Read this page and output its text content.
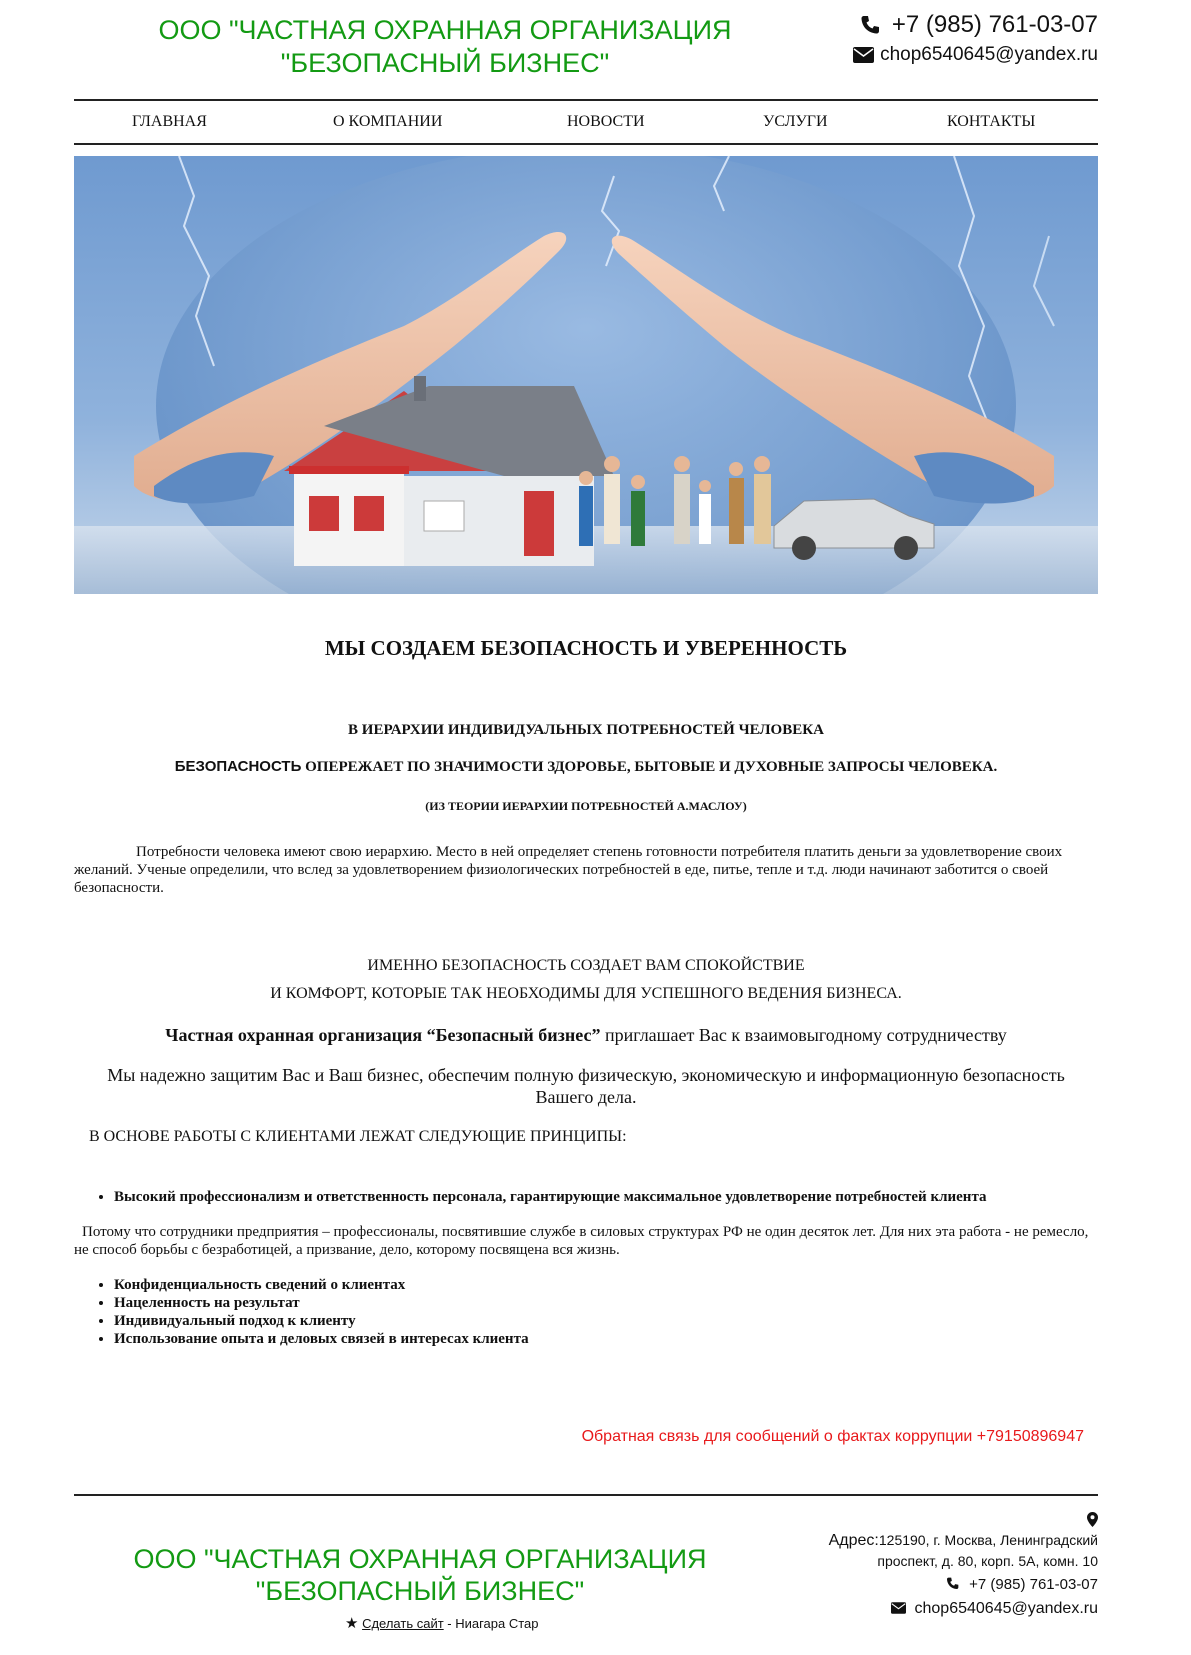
ООО "ЧАСТНАЯ ОХРАННАЯ ОРГАНИЗАЦИЯ
"БЕЗОПАСНЫЙ БИЗНЕС"
+7 (985) 761-03-07
chop6540645@yandex.ru
ГЛАВНАЯ	О КОМПАНИИ	НОВОСТИ	УСЛУГИ	КОНТАКТЫ
МЫ СОЗДАЕМ БЕЗОПАСНОСТЬ И УВЕРЕННОСТЬ
В ИЕРАРХИИ ИНДИВИДУАЛЬНЫХ ПОТРЕБНОСТЕЙ ЧЕЛОВЕКА
БЕЗОПАСНОСТЬ ОПЕРЕЖАЕТ ПО ЗНАЧИМОСТИ ЗДОРОВЬЕ, БЫТОВЫЕ И ДУХОВНЫЕ ЗАПРОСЫ ЧЕЛОВЕКА.
(ИЗ ТЕОРИИ ИЕРАРХИИ ПОТРЕБНОСТЕЙ А.МАСЛОУ)
Потребности человека имеют свою иерархию. Место в ней определяет степень готовности потребителя платить деньги за удовлетворение своих желаний. Ученые определили, что вслед за удовлетворением физиологических потребностей в еде, питье, тепле и т.д. люди начинают заботится о своей безопасности.
ИМЕННО БЕЗОПАСНОСТЬ СОЗДАЕТ ВАМ СПОКОЙСТВИЕ
И КОМФОРТ, КОТОРЫЕ ТАК НЕОБХОДИМЫ ДЛЯ УСПЕШНОГО ВЕДЕНИЯ БИЗНЕСА.
Частная охранная организация “Безопасный бизнес” приглашает Вас к взаимовыгодному сотрудничеству
Мы надежно защитим Вас и Ваш бизнес, обеспечим полную физическую, экономическую и информационную безопасность Вашего дела.
В ОСНОВЕ РАБОТЫ С КЛИЕНТАМИ ЛЕЖАТ СЛЕДУЮЩИЕ ПРИНЦИПЫ:
• Высокий профессионализм и ответственность персонала, гарантирующие максимальное удовлетворение потребностей клиента
Потому что сотрудники предприятия – профессионалы, посвятившие службе в силовых структурах РФ не один десяток лет. Для них эта работа - не ремесло, не способ борьбы с безработицей, а призвание, дело, которому посвящена вся жизнь.
• Конфиденциальность сведений о клиентах
• Нацеленность на результат
• Индивидуальный подход к клиенту
• Использование опыта и деловых связей в интересах клиента
Обратная связь для сообщений о фактах коррупции +79150896947
ООО "ЧАСТНАЯ ОХРАННАЯ ОРГАНИЗАЦИЯ
"БЕЗОПАСНЫЙ БИЗНЕС"
★ Сделать сайт - Ниагара Стар
Адрес:125190, г. Москва, Ленинградский
проспект, д. 80, корп. 5А, комн. 10
+7 (985) 761-03-07
chop6540645@yandex.ru
